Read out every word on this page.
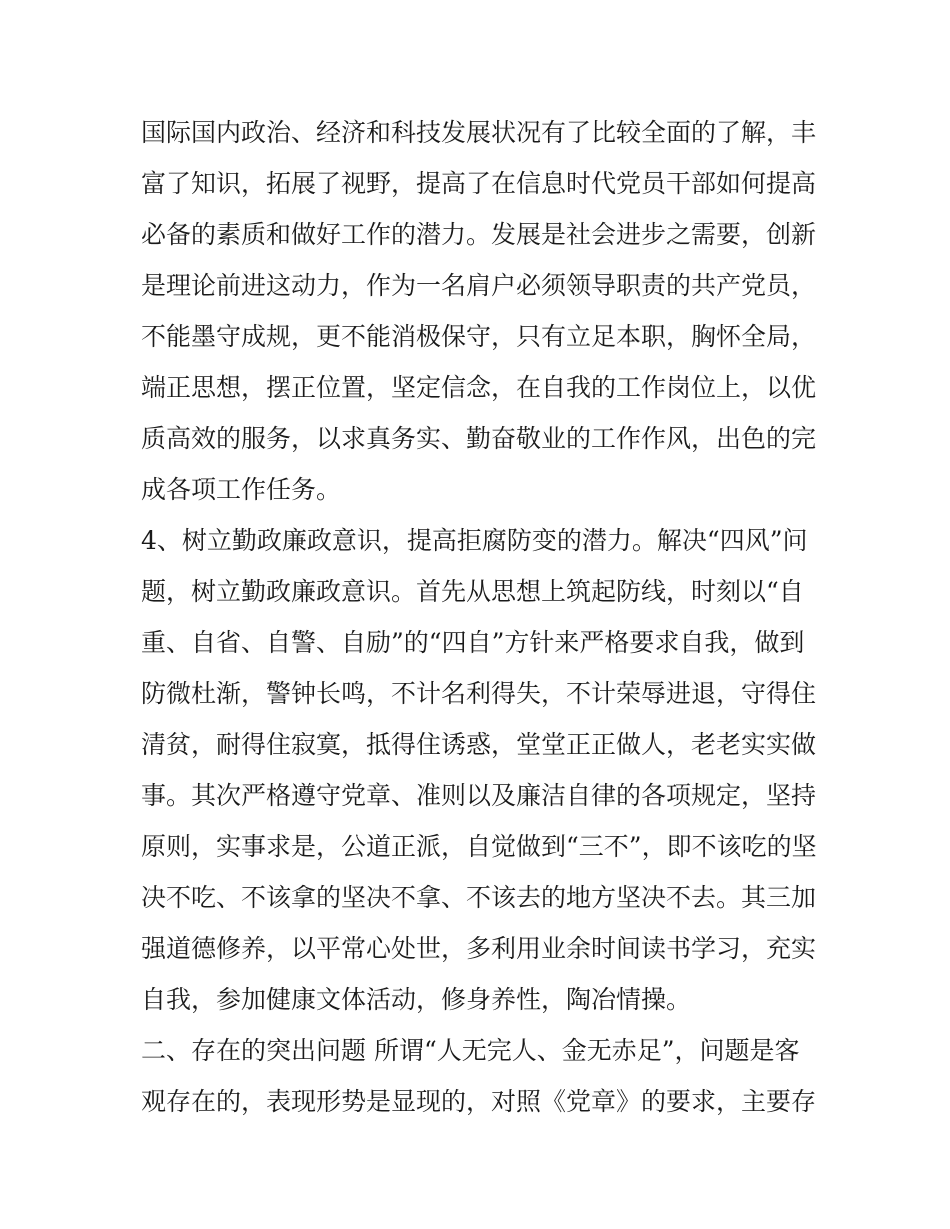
国际国内政治、经济和科技发展状况有了比较全面的了解，丰
富了知识，拓展了视野，提高了在信息时代党员干部如何提高
必备的素质和做好工作的潜力。发展是社会进步之需要，创新
是理论前进这动力，作为一名肩户必须领导职责的共产党员，
不能墨守成规，更不能消极保守，只有立足本职，胸怀全局，
端正思想，摆正位置，坚定信念，在自我的工作岗位上，以优
质高效的服务，以求真务实、勤奋敬业的工作作风，出色的完
成各项工作任务。
4、树立勤政廉政意识，提高拒腐防变的潜力。解决“四风”问
题，树立勤政廉政意识。首先从思想上筑起防线，时刻以“自
重、自省、自警、自励”的“四自”方针来严格要求自我，做到
防微杜渐，警钟长鸣，不计名利得失，不计荣辱进退，守得住
清贫，耐得住寂寞，抵得住诱惑，堂堂正正做人，老老实实做
事。其次严格遵守党章、准则以及廉洁自律的各项规定，坚持
原则，实事求是，公道正派，自觉做到“三不”，即不该吃的坚
决不吃、不该拿的坚决不拿、不该去的地方坚决不去。其三加
强道德修养，以平常心处世，多利用业余时间读书学习，充实
自我，参加健康文体活动，修身养性，陶冶情操。
二、存在的突出问题 所谓“人无完人、金无赤足”，问题是客
观存在的，表现形势是显现的，对照《党章》的要求，主要存
